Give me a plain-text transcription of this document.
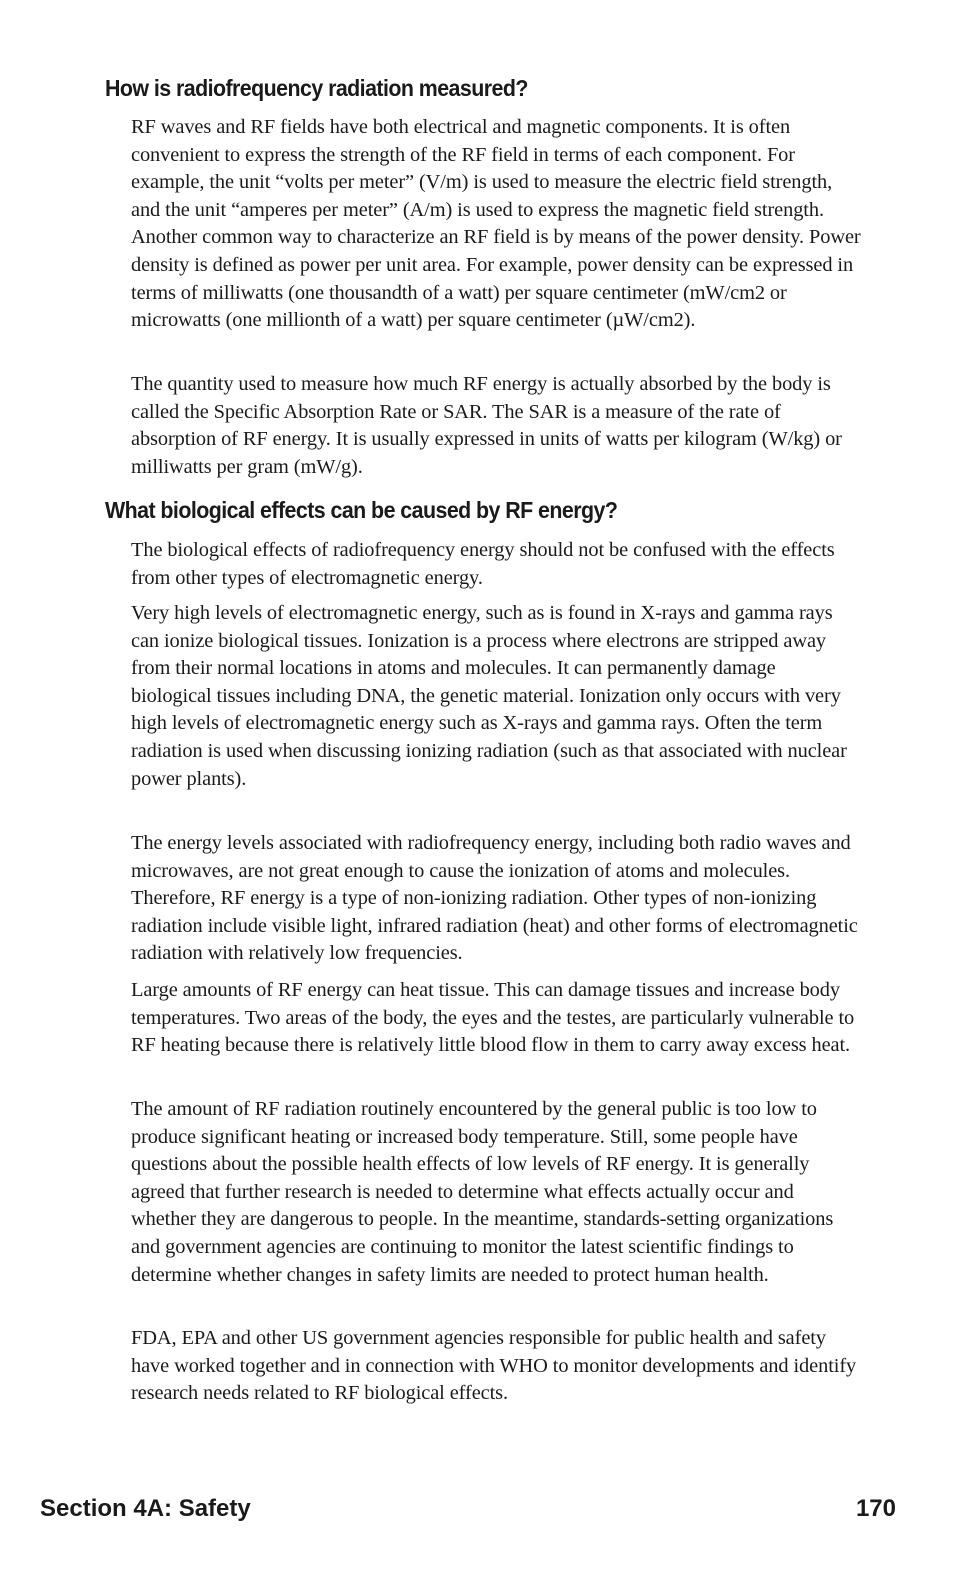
How is radiofrequency radiation measured?

RF waves and RF fields have both electrical and magnetic components. It is often convenient to express the strength of the RF field in terms of each component. For example, the unit “volts per meter” (V/m) is used to measure the electric field strength, and the unit “amperes per meter” (A/m) is used to express the magnetic field strength. Another common way to characterize an RF field is by means of the power density. Power density is defined as power per unit area. For example, power density can be expressed in terms of milliwatts (one thousandth of a watt) per square centimeter (mW/cm2 or microwatts (one millionth of a watt) per square centimeter (µW/cm2).

The quantity used to measure how much RF energy is actually absorbed by the body is called the Specific Absorption Rate or SAR. The SAR is a measure of the rate of absorption of RF energy. It is usually expressed in units of watts per kilogram (W/kg) or milliwatts per gram (mW/g).

What biological effects can be caused by RF energy?

The biological effects of radiofrequency energy should not be confused with the effects from other types of electromagnetic energy.

Very high levels of electromagnetic energy, such as is found in X-rays and gamma rays can ionize biological tissues. Ionization is a process where electrons are stripped away from their normal locations in atoms and molecules. It can permanently damage biological tissues including DNA, the genetic material. Ionization only occurs with very high levels of electromagnetic energy such as X-rays and gamma rays. Often the term radiation is used when discussing ionizing radiation (such as that associated with nuclear power plants).

The energy levels associated with radiofrequency energy, including both radio waves and microwaves, are not great enough to cause the ionization of atoms and molecules. Therefore, RF energy is a type of non-ionizing radiation. Other types of non-ionizing radiation include visible light, infrared radiation (heat) and other forms of electromagnetic radiation with relatively low frequencies.

Large amounts of RF energy can heat tissue. This can damage tissues and increase body temperatures. Two areas of the body, the eyes and the testes, are particularly vulnerable to RF heating because there is relatively little blood flow in them to carry away excess heat.

The amount of RF radiation routinely encountered by the general public is too low to produce significant heating or increased body temperature. Still, some people have questions about the possible health effects of low levels of RF energy. It is generally agreed that further research is needed to determine what effects actually occur and whether they are dangerous to people. In the meantime, standards-setting organizations and government agencies are continuing to monitor the latest scientific findings to determine whether changes in safety limits are needed to protect human health.

FDA, EPA and other US government agencies responsible for public health and safety have worked together and in connection with WHO to monitor developments and identify research needs related to RF biological effects.

Section 4A: Safety	170
